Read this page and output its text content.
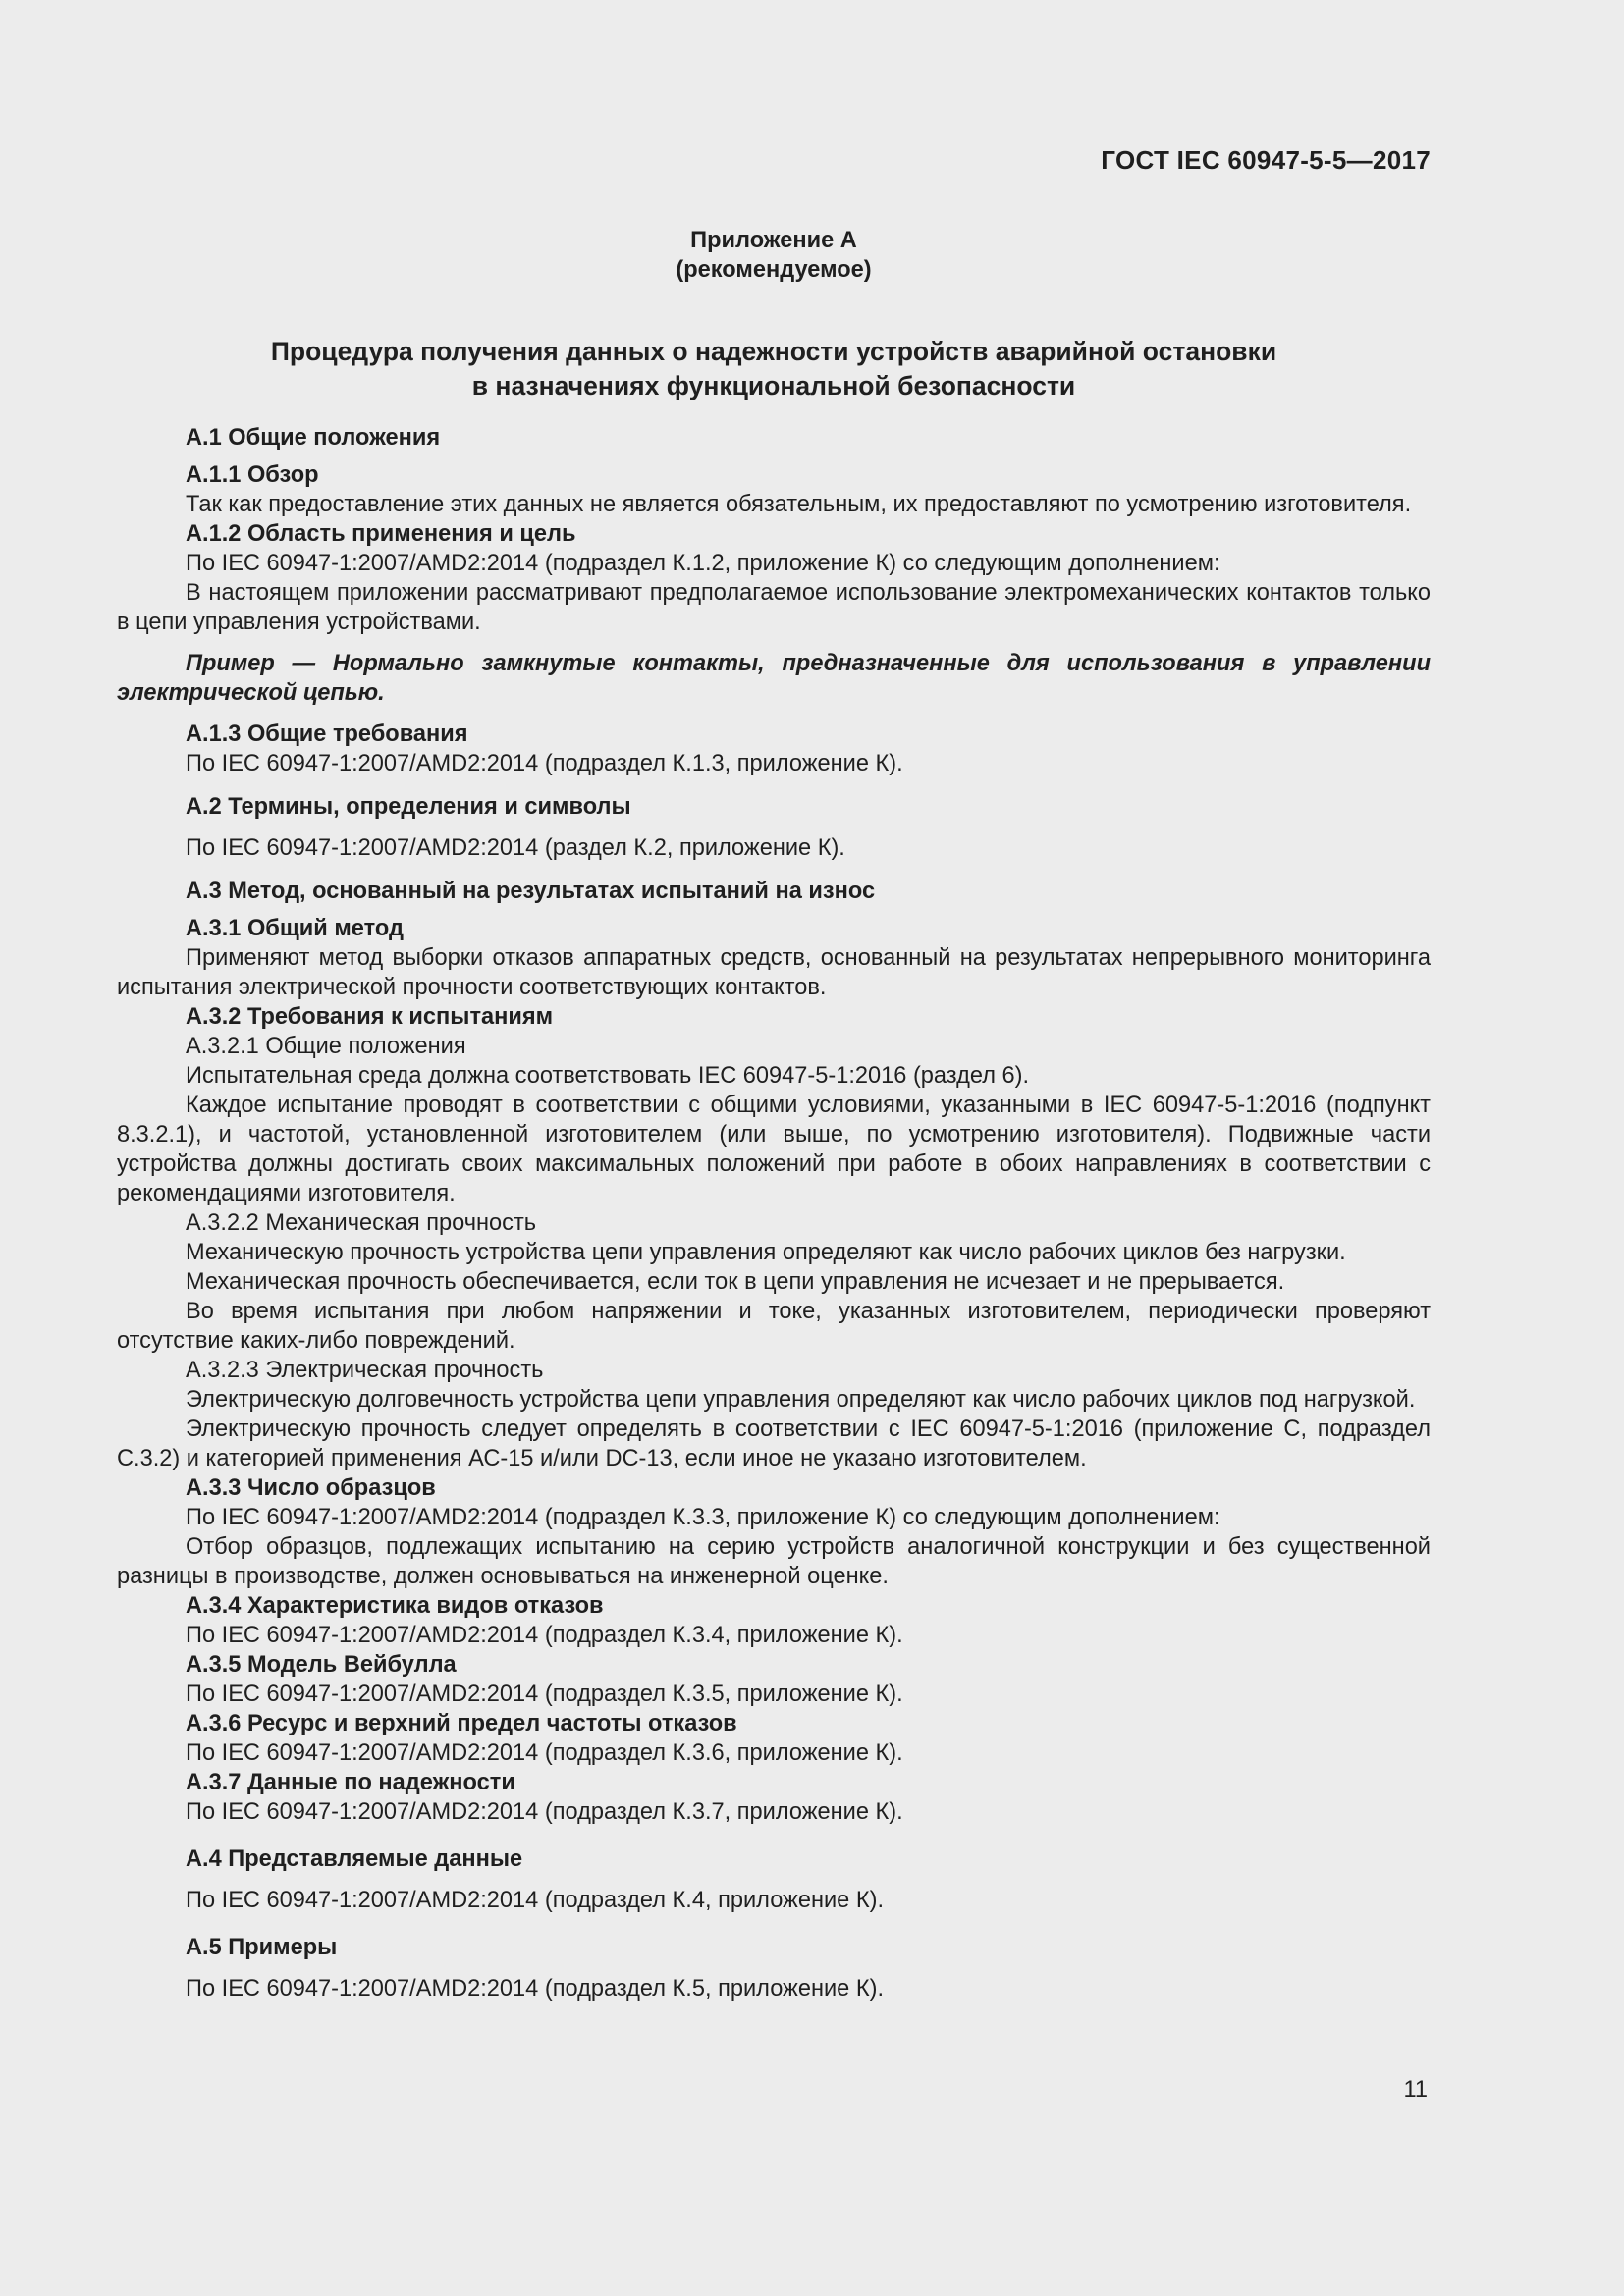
ГОСТ IEC 60947-5-5—2017
Приложение А
(рекомендуемое)
Процедура получения данных о надежности устройств аварийной остановки
в назначениях функциональной безопасности

А.1 Общие положения

А.1.1 Обзор

Так как предоставление этих данных не является обязательным, их предоставляют по усмотрению изготовителя.

А.1.2 Область применения и цель

По IEC 60947-1:2007/AMD2:2014 (подраздел К.1.2, приложение К) со следующим дополнением:

В настоящем приложении рассматривают предполагаемое использование электромеханических контактов только в цепи управления устройствами.

Пример — Нормально замкнутые контакты, предназначенные для использования в управлении электрической цепью.

А.1.3 Общие требования

По IEC 60947-1:2007/AMD2:2014 (подраздел К.1.3, приложение К).

А.2 Термины, определения и символы

По IEC 60947-1:2007/AMD2:2014 (раздел К.2, приложение К).

А.3 Метод, основанный на результатах испытаний на износ

А.3.1 Общий метод

Применяют метод выборки отказов аппаратных средств, основанный на результатах непрерывного мониторинга испытания электрической прочности соответствующих контактов.

А.3.2 Требования к испытаниям

А.3.2.1 Общие положения

Испытательная среда должна соответствовать IEC 60947-5-1:2016 (раздел 6).

Каждое испытание проводят в соответствии с общими условиями, указанными в IEC 60947-5-1:2016 (подпункт 8.3.2.1), и частотой, установленной изготовителем (или выше, по усмотрению изготовителя). Подвижные части устройства должны достигать своих максимальных положений при работе в обоих направлениях в соответствии с рекомендациями изготовителя.

А.3.2.2 Механическая прочность

Механическую прочность устройства цепи управления определяют как число рабочих циклов без нагрузки.

Механическая прочность обеспечивается, если ток в цепи управления не исчезает и не прерывается.

Во время испытания при любом напряжении и токе, указанных изготовителем, периодически проверяют отсутствие каких-либо повреждений.

А.3.2.3 Электрическая прочность

Электрическую долговечность устройства цепи управления определяют как число рабочих циклов под нагрузкой.

Электрическую прочность следует определять в соответствии с IEC 60947-5-1:2016 (приложение С, подраздел С.3.2) и категорией применения АС-15 и/или DC-13, если иное не указано изготовителем.

А.3.3 Число образцов

По IEC 60947-1:2007/AMD2:2014 (подраздел К.3.3, приложение К) со следующим дополнением:

Отбор образцов, подлежащих испытанию на серию устройств аналогичной конструкции и без существенной разницы в производстве, должен основываться на инженерной оценке.

А.3.4 Характеристика видов отказов

По IEC 60947-1:2007/AMD2:2014 (подраздел К.3.4, приложение К).

А.3.5 Модель Вейбулла

По IEC 60947-1:2007/AMD2:2014 (подраздел К.3.5, приложение К).

А.3.6 Ресурс и верхний предел частоты отказов

По IEC 60947-1:2007/AMD2:2014 (подраздел К.3.6, приложение К).

А.3.7 Данные по надежности

По IEC 60947-1:2007/AMD2:2014 (подраздел К.3.7, приложение К).

А.4 Представляемые данные

По IEC 60947-1:2007/AMD2:2014 (подраздел К.4, приложение К).

А.5 Примеры

По IEC 60947-1:2007/AMD2:2014 (подраздел К.5, приложение К).

11
